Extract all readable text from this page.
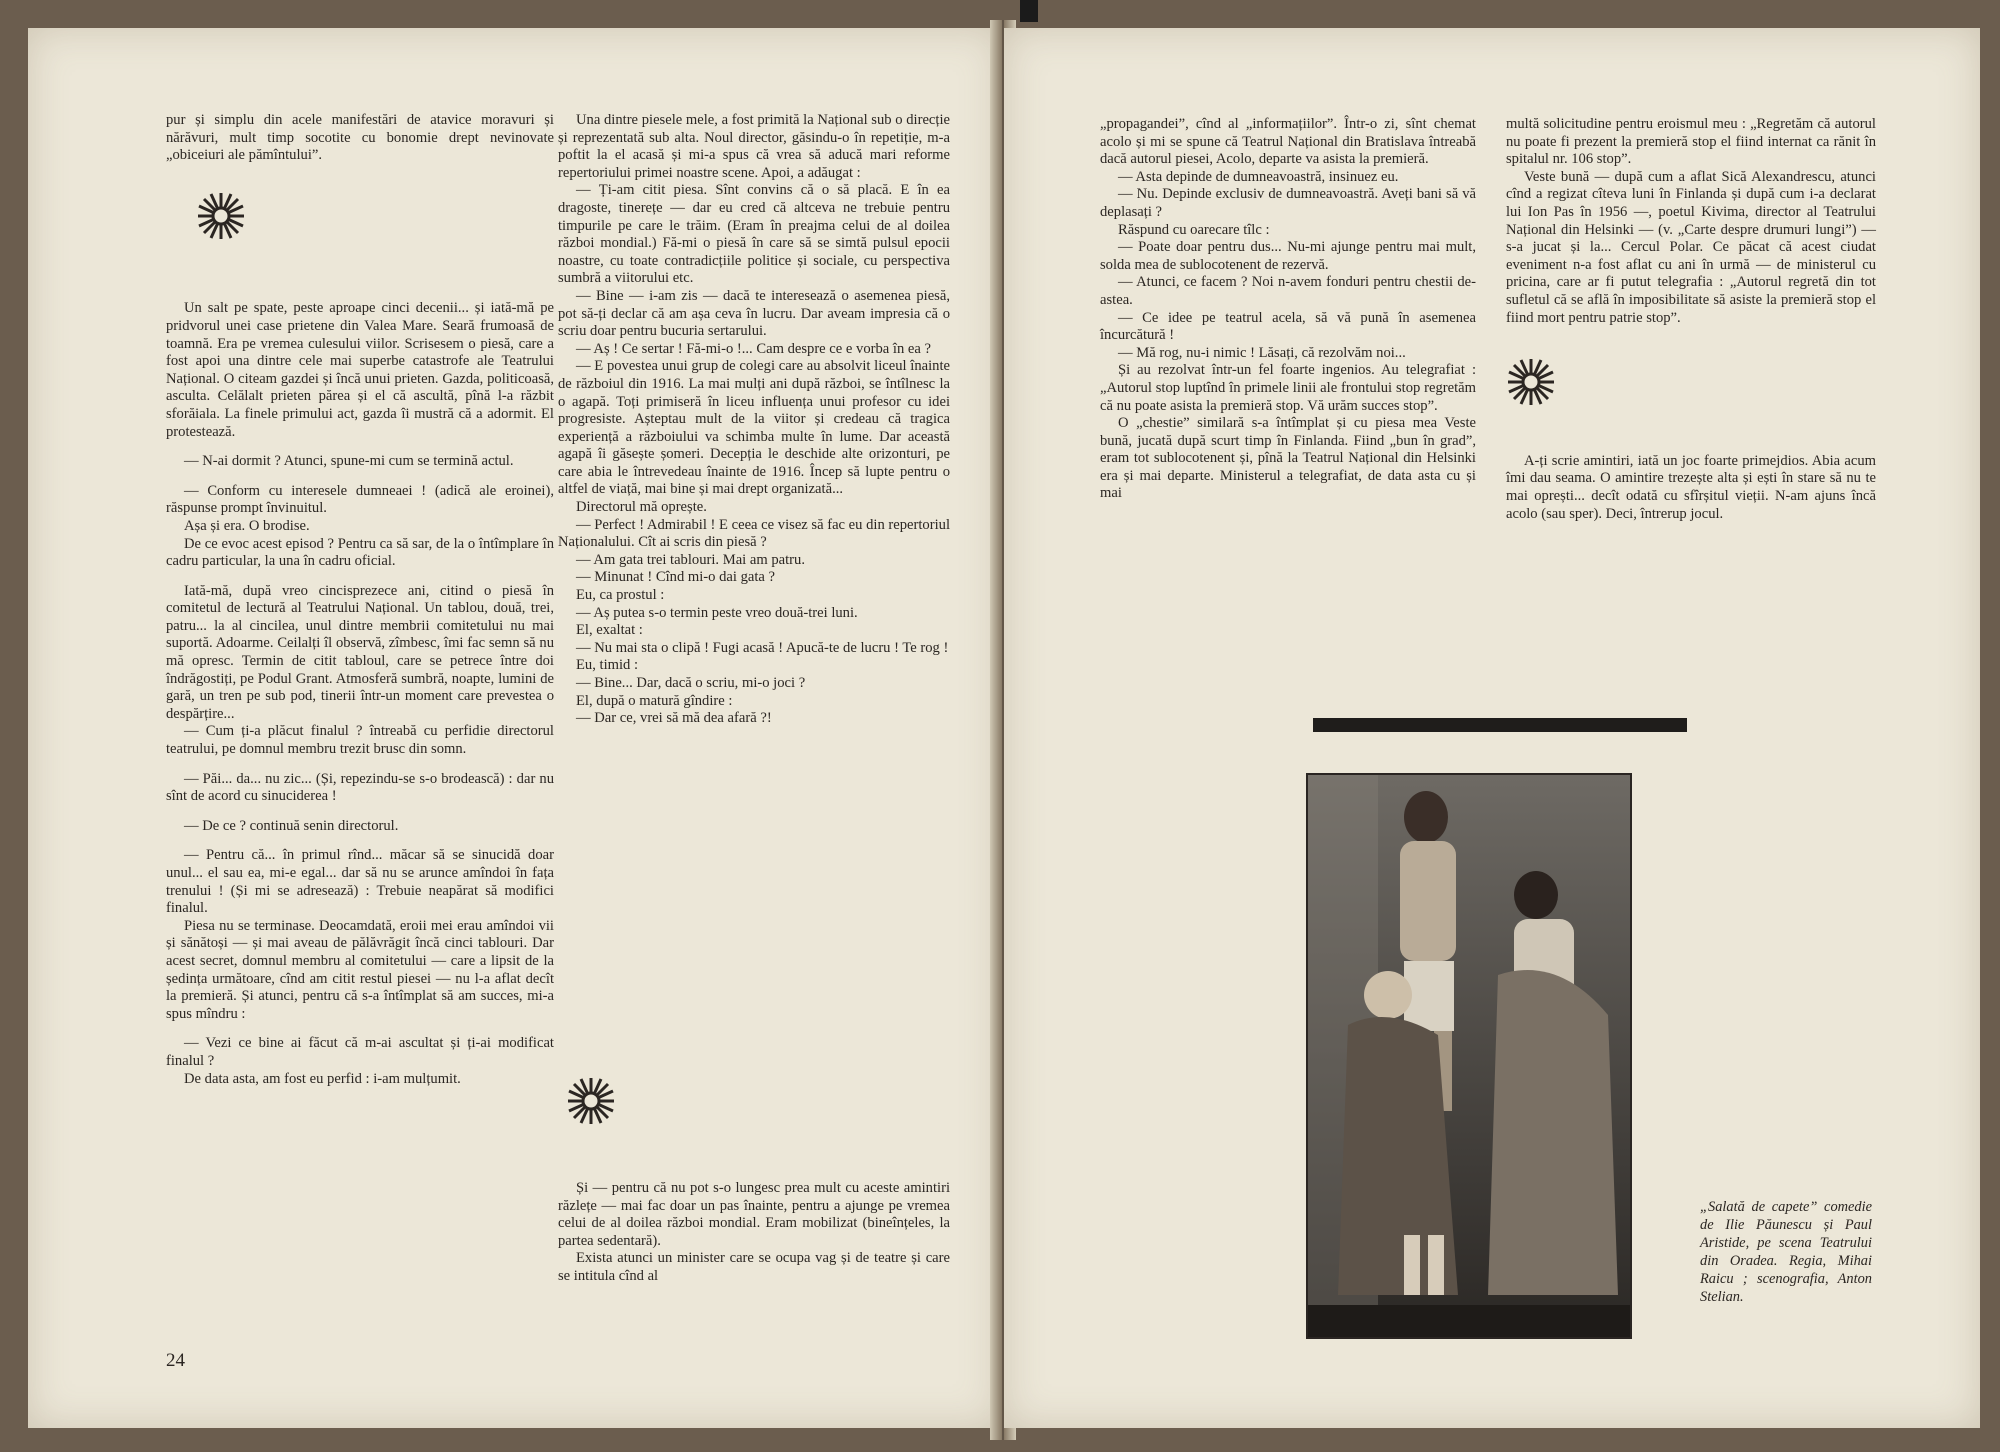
pur și simplu din acele manifestări de atavice moravuri și nărăvuri, mult timp socotite cu bonomie drept nevinovate „obiceiuri ale pămîntului”.

Un salt pe spate, peste aproape cinci decenii... și iată-mă pe pridvorul unei case prietene din Valea Mare. Seară frumoasă de toamnă. Era pe vremea culesului viilor. Scrisesem o piesă, care a fost apoi una dintre cele mai superbe catastrofe ale Teatrului Național. O citeam gazdei și încă unui prieten. Gazda, politicoasă, asculta. Celălalt prieten părea și el că ascultă, pînă l-a răzbit sforăiala. La finele primului act, gazda îi mustră că a adormit. El protestează.

— N-ai dormit ? Atunci, spune-mi cum se termină actul.

— Conform cu interesele dumneaei ! (adică ale eroinei), răspunse prompt învinuitul.

Așa și era. O brodise.

De ce evoc acest episod ? Pentru ca să sar, de la o întîmplare în cadru particular, la una în cadru oficial.

Iată-mă, după vreo cincisprezece ani, citind o piesă în comitetul de lectură al Teatrului Național. Un tablou, două, trei, patru... la al cincilea, unul dintre membrii comitetului nu mai suportă. Adoarme. Ceilalți îl observă, zîmbesc, îmi fac semn să nu mă opresc. Termin de citit tabloul, care se petrece între doi îndrăgostiți, pe Podul Grant. Atmosferă sumbră, noapte, lumini de gară, un tren pe sub pod, tinerii într-un moment care prevestea o despărțire...

— Cum ți-a plăcut finalul ? întreabă cu perfidie directorul teatrului, pe domnul membru trezit brusc din somn.

— Păi... da... nu zic... (Și, repezindu-se s-o brodească) : dar nu sînt de acord cu sinuciderea !

— De ce ? continuă senin directorul.

— Pentru că... în primul rînd... măcar să se sinucidă doar unul... el sau ea, mi-e egal... dar să nu se arunce amîndoi în fața trenului ! (Și mi se adresează) : Trebuie neapărat să modifici finalul.

Piesa nu se terminase. Deocamdată, eroii mei erau amîndoi vii și sănătoși — și mai aveau de pălăvrăgit încă cinci tablouri. Dar acest secret, domnul membru al comitetului — care a lipsit de la ședința următoare, cînd am citit restul piesei — nu l-a aflat decît la premieră. Și atunci, pentru că s-a întîmplat să am succes, mi-a spus mîndru :

— Vezi ce bine ai făcut că m-ai ascultat și ți-ai modificat finalul ?

De data asta, am fost eu perfid : i-am mulțumit.

Una dintre piesele mele, a fost primită la Național sub o direcție și reprezentată sub alta. Noul director, găsindu-o în repetiție, m-a poftit la el acasă și mi-a spus că vrea să aducă mari reforme repertoriului primei noastre scene. Apoi, a adăugat :

— Ți-am citit piesa. Sînt convins că o să placă. E în ea dragoste, tinerețe — dar eu cred că altceva ne trebuie pentru timpurile pe care le trăim. (Eram în preajma celui de al doilea război mondial.) Fă-mi o piesă în care să se simtă pulsul epocii noastre, cu toate contradicțiile politice și sociale, cu perspectiva sumbră a viitorului etc.

— Bine — i-am zis — dacă te interesează o asemenea piesă, pot să-ți declar că am așa ceva în lucru. Dar aveam impresia că o scriu doar pentru bucuria sertarului.

— Aș ! Ce sertar ! Fă-mi-o !... Cam despre ce e vorba în ea ?

— E povestea unui grup de colegi care au absolvit liceul înainte de războiul din 1916. La mai mulți ani după război, se întîlnesc la o agapă. Toți primiseră în liceu influența unui profesor cu idei progresiste. Așteptau mult de la viitor și credeau că tragica experiență a războiului va schimba multe în lume. Dar această agapă îi găsește șomeri. Decepția le deschide alte orizonturi, pe care abia le întrevedeau înainte de 1916. Încep să lupte pentru o altfel de viață, mai bine și mai drept organizată...

Directorul mă oprește.

— Perfect ! Admirabil ! E ceea ce visez să fac eu din repertoriul Naționalului. Cît ai scris din piesă ?

— Am gata trei tablouri. Mai am patru.

— Minunat ! Cînd mi-o dai gata ?

Eu, ca prostul :

— Aș putea s-o termin peste vreo două-trei luni.

El, exaltat :

— Nu mai sta o clipă ! Fugi acasă ! Apucă-te de lucru ! Te rog !

Eu, timid :

— Bine... Dar, dacă o scriu, mi-o joci ?

El, după o matură gîndire :

— Dar ce, vrei să mă dea afară ?!

Și — pentru că nu pot s-o lungesc prea mult cu aceste amintiri răzlețe — mai fac doar un pas înainte, pentru a ajunge pe vremea celui de al doilea război mondial. Eram mobilizat (bineînțeles, la partea sedentară).

Exista atunci un minister care se ocupa vag și de teatre și care se intitula cînd al

24

„propagandei”, cînd al „informațiilor”. Într-o zi, sînt chemat acolo și mi se spune că Teatrul Național din Bratislava întreabă dacă autorul piesei, Acolo, departe va asista la premieră.

— Asta depinde de dumneavoastră, insinuez eu.

— Nu. Depinde exclusiv de dumneavoastră. Aveți bani să vă deplasați ?

Răspund cu oarecare tîlc :

— Poate doar pentru dus... Nu-mi ajunge pentru mai mult, solda mea de sublocotenent de rezervă.

— Atunci, ce facem ? Noi n-avem fonduri pentru chestii de-astea.

— Ce idee pe teatrul acela, să vă pună în asemenea încurcătură !

— Mă rog, nu-i nimic ! Lăsați, că rezolvăm noi...

Și au rezolvat într-un fel foarte ingenios. Au telegrafiat : „Autorul stop luptînd în primele linii ale frontului stop regretăm că nu poate asista la premieră stop. Vă urăm succes stop”.

O „chestie” similară s-a întîmplat și cu piesa mea Veste bună, jucată după scurt timp în Finlanda. Fiind „bun în grad”, eram tot sublocotenent și, pînă la Teatrul Național din Helsinki era și mai departe. Ministerul a telegrafiat, de data asta cu și mai

multă solicitudine pentru eroismul meu : „Regretăm că autorul nu poate fi prezent la premieră stop el fiind internat ca rănit în spitalul nr. 106 stop”.

Veste bună — după cum a aflat Sică Alexandrescu, atunci cînd a regizat cîteva luni în Finlanda și după cum i-a declarat lui Ion Pas în 1956 —, poetul Kivima, director al Teatrului Național din Helsinki — (v. „Carte despre drumuri lungi”) — s-a jucat și la... Cercul Polar. Ce păcat că acest ciudat eveniment n-a fost aflat cu ani în urmă — de ministerul cu pricina, care ar fi putut telegrafia : „Autorul regretă din tot sufletul că se află în imposibilitate să asiste la premieră stop el fiind mort pentru patrie stop”.

A-ți scrie amintiri, iată un joc foarte primejdios. Abia acum îmi dau seama. O amintire trezește alta și ești în stare să nu te mai oprești... decît odată cu sfîrșitul vieții. N-am ajuns încă acolo (sau sper). Deci, întrerup jocul.

„Salată de capete” comedie de Ilie Păunescu și Paul Aristide, pe scena Teatrului din Oradea. Regia, Mihai Raicu ; scenografia, Anton Stelian.
